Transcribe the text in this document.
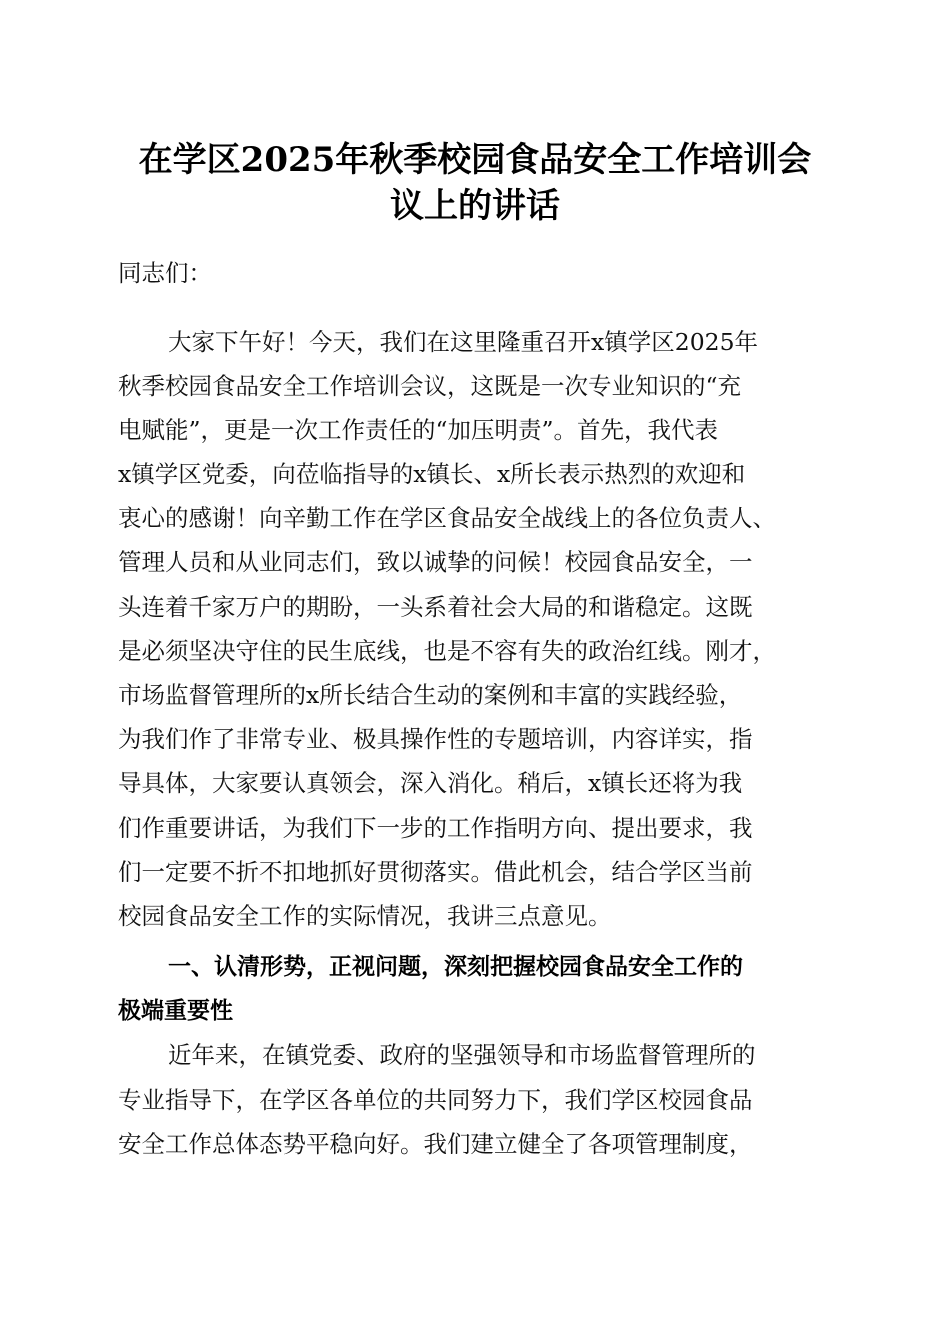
在学区2025年秋季校园食品安全工作培训会
议上的讲话
同志们：
大家下午好！今天，我们在这里隆重召开x镇学区2025年
秋季校园食品安全工作培训会议，这既是一次专业知识的“充
电赋能”，更是一次工作责任的“加压明责”。首先，我代表
x镇学区党委，向莅临指导的x镇长、x所长表示热烈的欢迎和
衷心的感谢！向辛勤工作在学区食品安全战线上的各位负责人、
管理人员和从业同志们，致以诚挚的问候！校园食品安全，一
头连着千家万户的期盼，一头系着社会大局的和谐稳定。这既
是必须坚决守住的民生底线，也是不容有失的政治红线。刚才，
市场监督管理所的x所长结合生动的案例和丰富的实践经验，
为我们作了非常专业、极具操作性的专题培训，内容详实，指
导具体，大家要认真领会，深入消化。稍后，x镇长还将为我
们作重要讲话，为我们下一步的工作指明方向、提出要求，我
们一定要不折不扣地抓好贯彻落实。借此机会，结合学区当前
校园食品安全工作的实际情况，我讲三点意见。
一、认清形势，正视问题，深刻把握校园食品安全工作的
极端重要性
近年来，在镇党委、政府的坚强领导和市场监督管理所的
专业指导下，在学区各单位的共同努力下，我们学区校园食品
安全工作总体态势平稳向好。我们建立健全了各项管理制度，
